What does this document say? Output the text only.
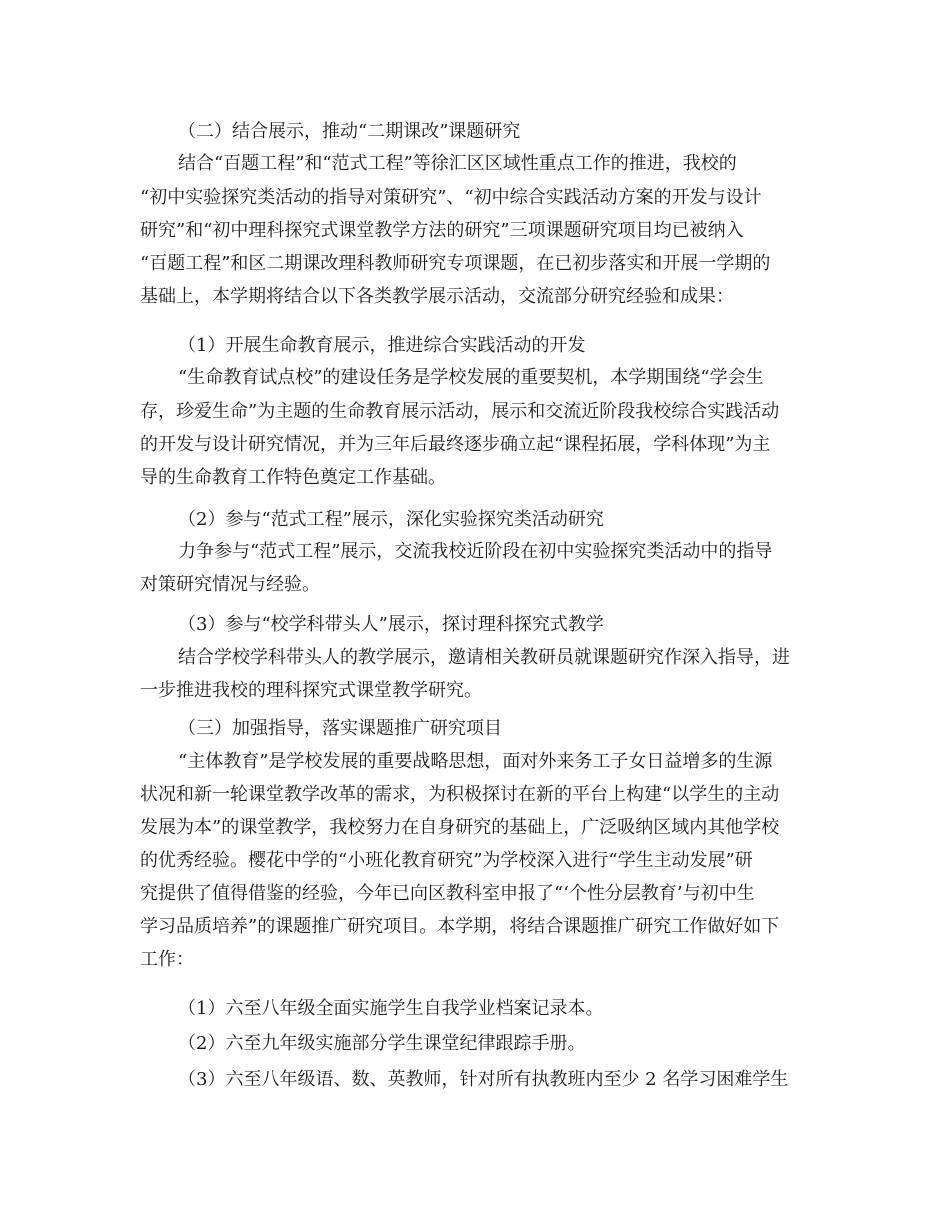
（二）结合展示，推动“二期课改”课题研究
结合“百题工程”和“范式工程”等徐汇区区域性重点工作的推进，我校的
“初中实验探究类活动的指导对策研究”、“初中综合实践活动方案的开发与设计
研究”和“初中理科探究式课堂教学方法的研究”三项课题研究项目均已被纳入
“百题工程”和区二期课改理科教师研究专项课题，在已初步落实和开展一学期的
基础上，本学期将结合以下各类教学展示活动，交流部分研究经验和成果：
（1）开展生命教育展示，推进综合实践活动的开发
“生命教育试点校”的建设任务是学校发展的重要契机，本学期围绕“学会生
存，珍爱生命”为主题的生命教育展示活动，展示和交流近阶段我校综合实践活动
的开发与设计研究情况，并为三年后最终逐步确立起“课程拓展，学科体现”为主
导的生命教育工作特色奠定工作基础。
（2）参与“范式工程”展示，深化实验探究类活动研究
力争参与“范式工程”展示，交流我校近阶段在初中实验探究类活动中的指导
对策研究情况与经验。
（3）参与“校学科带头人”展示，探讨理科探究式教学
结合学校学科带头人的教学展示，邀请相关教研员就课题研究作深入指导，进
一步推进我校的理科探究式课堂教学研究。
（三）加强指导，落实课题推广研究项目
“主体教育”是学校发展的重要战略思想，面对外来务工子女日益增多的生源
状况和新一轮课堂教学改革的需求，为积极探讨在新的平台上构建“以学生的主动
发展为本”的课堂教学，我校努力在自身研究的基础上，广泛吸纳区域内其他学校
的优秀经验。樱花中学的“小班化教育研究”为学校深入进行“学生主动发展”研
究提供了值得借鉴的经验，今年已向区教科室申报了“‘个性分层教育’与初中生
学习品质培养”的课题推广研究项目。本学期，将结合课题推广研究工作做好如下
工作：
（1）六至八年级全面实施学生自我学业档案记录本。
（2）六至九年级实施部分学生课堂纪律跟踪手册。
（3）六至八年级语、数、英教师，针对所有执教班内至少 2 名学习困难学生
